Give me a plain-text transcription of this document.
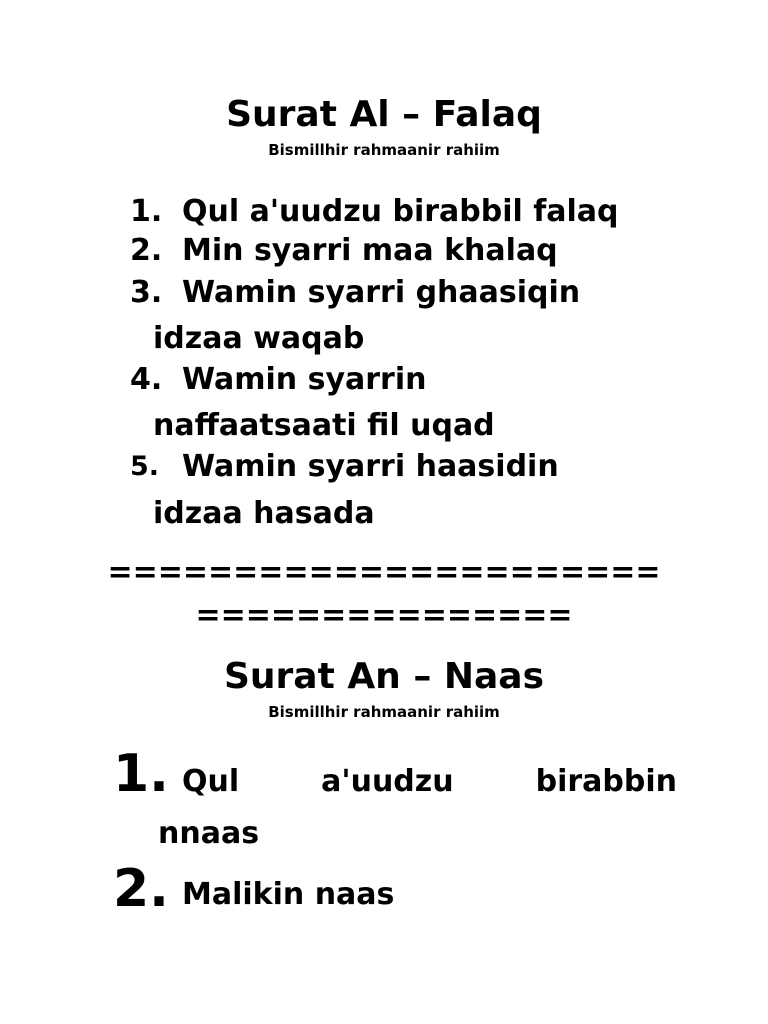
Surat Al – Falaq
Bismillhir rahmaanir rahiim
1. Qul a'uudzu birabbil falaq
2. Min syarri maa khalaq
3. Wamin syarri ghaasiqin
idzaa waqab
4. Wamin syarrin
naffaatsaati fil uqad
5. Wamin syarri haasidin
idzaa hasada
======================
===============
Surat An – Naas
Bismillhir rahmaanir rahiim
1. Qul	a'uudzu	birabbin
nnaas
2. Malikin naas
